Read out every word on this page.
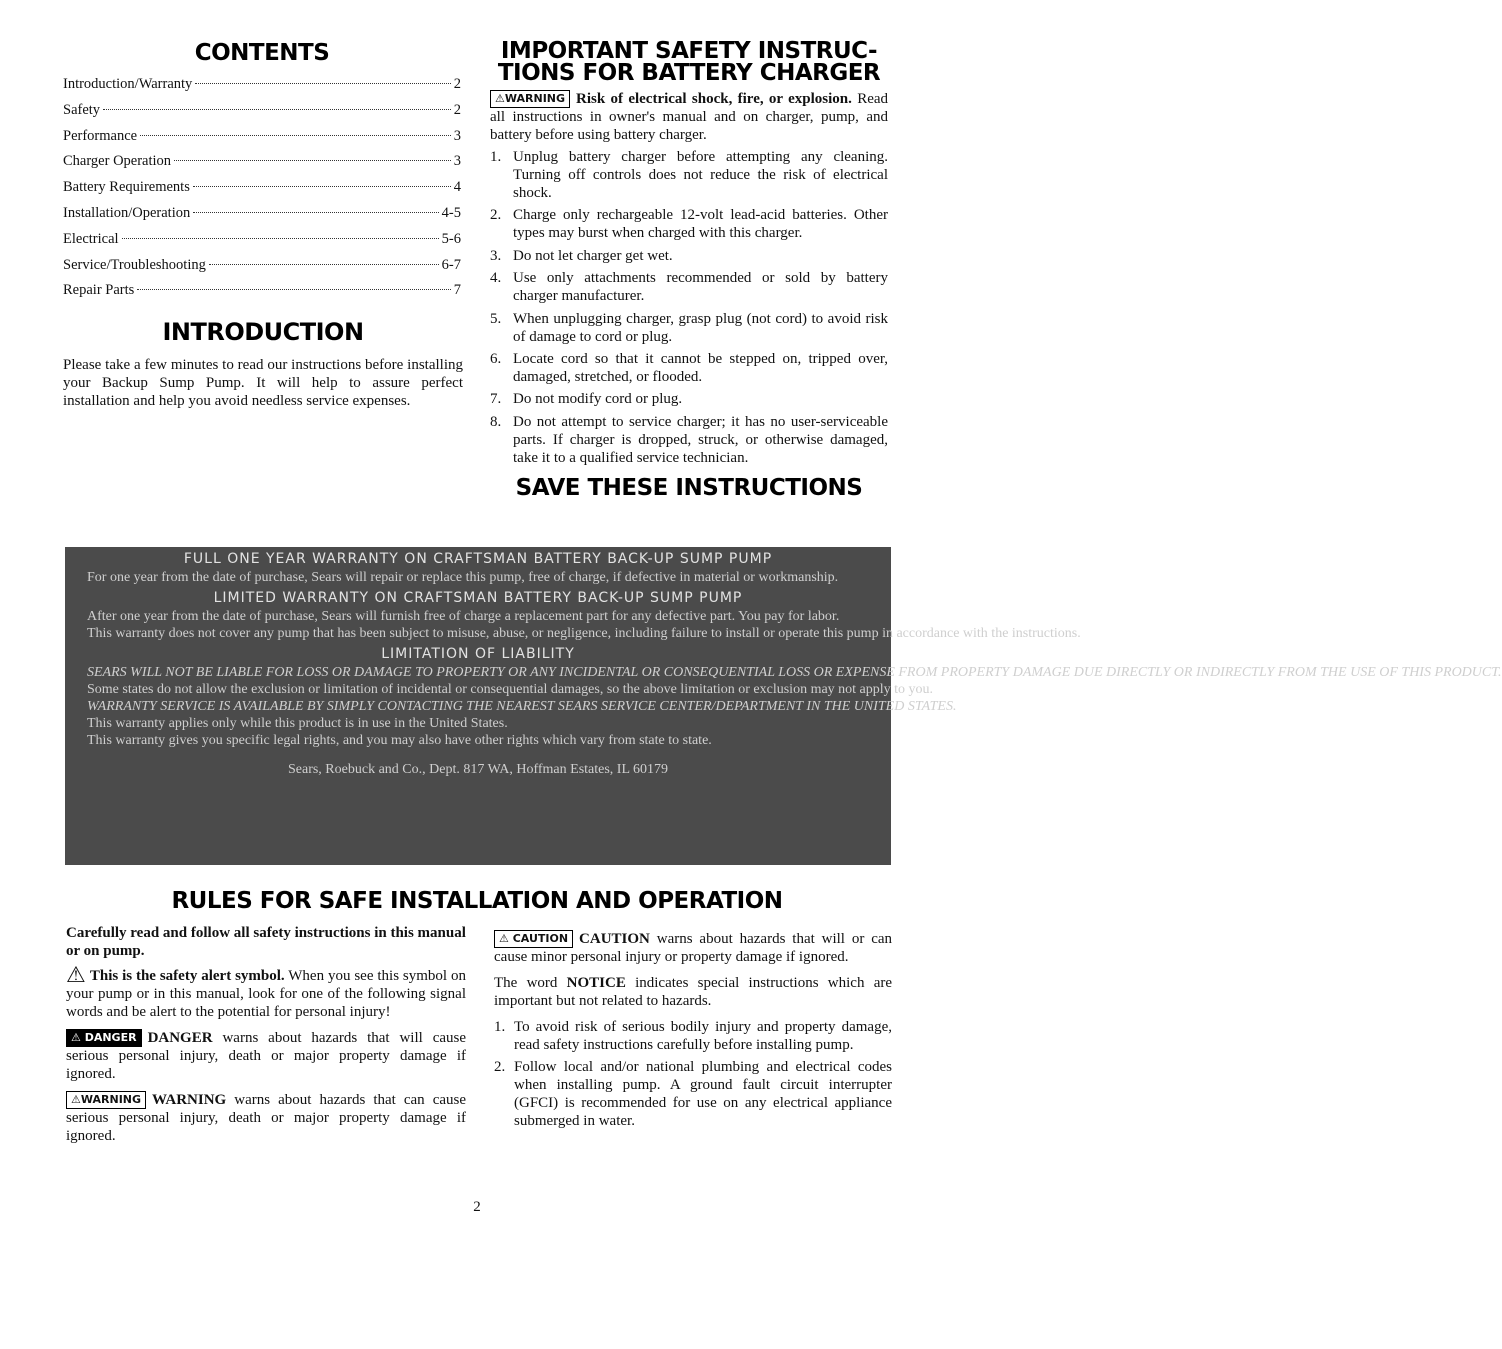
CONTENTS
Introduction/Warranty	2
Safety	2
Performance	3
Charger Operation	3
Battery Requirements	4
Installation/Operation	4-5
Electrical	5-6
Service/Troubleshooting	6-7
Repair Parts	7
INTRODUCTION

Please take a few minutes to read our instructions before installing your Backup Sump Pump. It will help to assure perfect installation and help you avoid needless service expenses.

IMPORTANT SAFETY INSTRUC-
TIONS FOR BATTERY CHARGER

⚠WARNING Risk of electrical shock, fire, or explosion. Read all instructions in owner's manual and on charger, pump, and battery before using battery charger.

1. Unplug battery charger before attempting any cleaning. Turning off controls does not reduce the risk of electrical shock.
2. Charge only rechargeable 12-volt lead-acid batteries. Other types may burst when charged with this charger.
3. Do not let charger get wet.
4. Use only attachments recommended or sold by battery charger manufacturer.
5. When unplugging charger, grasp plug (not cord) to avoid risk of damage to cord or plug.
6. Locate cord so that it cannot be stepped on, tripped over, damaged, stretched, or flooded.
7. Do not modify cord or plug.
8. Do not attempt to service charger; it has no user-serviceable parts. If charger is dropped, struck, or otherwise damaged, take it to a qualified service technician.
SAVE THESE INSTRUCTIONS
FULL ONE YEAR WARRANTY ON CRAFTSMAN BATTERY BACK-UP SUMP PUMP
For one year from the date of purchase, Sears will repair or replace this pump, free of charge, if defective in material or workmanship.
LIMITED WARRANTY ON CRAFTSMAN BATTERY BACK-UP SUMP PUMP
After one year from the date of purchase, Sears will furnish free of charge a replacement part for any defective part. You pay for labor.
This warranty does not cover any pump that has been subject to misuse, abuse, or negligence, including failure to install or operate this pump in accordance with the instructions.
LIMITATION OF LIABILITY
SEARS WILL NOT BE LIABLE FOR LOSS OR DAMAGE TO PROPERTY OR ANY INCIDENTAL OR CONSEQUENTIAL LOSS OR EXPENSE FROM PROPERTY DAMAGE DUE DIRECTLY OR INDIRECTLY FROM THE USE OF THIS PRODUCT.
Some states do not allow the exclusion or limitation of incidental or consequential damages, so the above limitation or exclusion may not apply to you.
WARRANTY SERVICE IS AVAILABLE BY SIMPLY CONTACTING THE NEAREST SEARS SERVICE CENTER/DEPARTMENT IN THE UNITED STATES.
This warranty applies only while this product is in use in the United States.
This warranty gives you specific legal rights, and you may also have other rights which vary from state to state.
Sears, Roebuck and Co., Dept. 817 WA, Hoffman Estates, IL 60179
RULES FOR SAFE INSTALLATION AND OPERATION

Carefully read and follow all safety instructions in this manual or on pump.

⚠ This is the safety alert symbol. When you see this symbol on your pump or in this manual, look for one of the following signal words and be alert to the potential for personal injury!

⚠ DANGER DANGER warns about hazards that will cause serious personal injury, death or major property damage if ignored.

⚠WARNING WARNING warns about hazards that can cause serious personal injury, death or major property damage if ignored.

⚠ CAUTION CAUTION warns about hazards that will or can cause minor personal injury or property damage if ignored.

The word NOTICE indicates special instructions which are important but not related to hazards.

1. To avoid risk of serious bodily injury and property damage, read safety instructions carefully before installing pump.
2. Follow local and/or national plumbing and electrical codes when installing pump. A ground fault circuit interrupter (GFCI) is recommended for use on any electrical appliance submerged in water.
2
